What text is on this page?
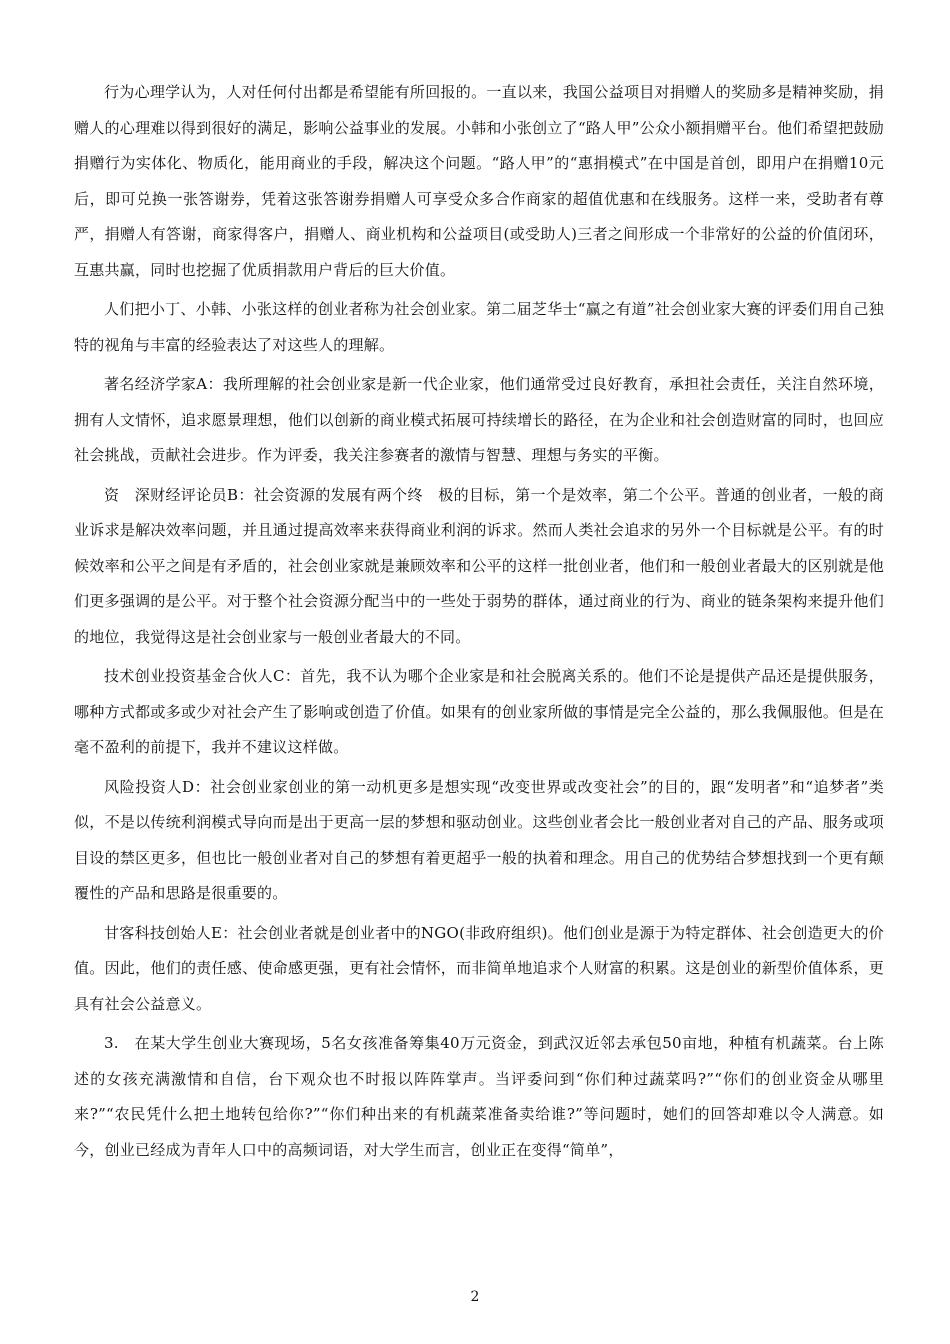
行为心理学认为，人对任何付出都是希望能有所回报的。一直以来，我国公益项目对捐赠人的奖励多是精神奖励，捐赠人的心理难以得到很好的满足，影响公益事业的发展。小韩和小张创立了“路人甲”公众小额捐赠平台。他们希望把鼓励捐赠行为实体化、物质化，能用商业的手段，解决这个问题。“路人甲”的“惠捐模式”在中国是首创，即用户在捐赠10元后，即可兑换一张答谢券，凭着这张答谢券捐赠人可享受众多合作商家的超值优惠和在线服务。这样一来，受助者有尊严，捐赠人有答谢，商家得客户，捐赠人、商业机构和公益项目(或受助人)三者之间形成一个非常好的公益的价值闭环，互惠共赢，同时也挖掘了优质捐款用户背后的巨大价值。

人们把小丁、小韩、小张这样的创业者称为社会创业家。第二届芝华士“赢之有道”社会创业家大赛的评委们用自己独特的视角与丰富的经验表达了对这些人的理解。

著名经济学家A：我所理解的社会创业家是新一代企业家，他们通常受过良好教育，承担社会责任，关注自然环境，拥有人文情怀，追求愿景理想，他们以创新的商业模式拓展可持续增长的路径，在为企业和社会创造财富的同时，也回应社会挑战，贡献社会进步。作为评委，我关注参赛者的激情与智慧、理想与务实的平衡。

资　深财经评论员B：社会资源的发展有两个终　极的目标，第一个是效率，第二个公平。普通的创业者，一般的商业诉求是解决效率问题，并且通过提高效率来获得商业利润的诉求。然而人类社会追求的另外一个目标就是公平。有的时候效率和公平之间是有矛盾的，社会创业家就是兼顾效率和公平的这样一批创业者，他们和一般创业者最大的区别就是他们更多强调的是公平。对于整个社会资源分配当中的一些处于弱势的群体，通过商业的行为、商业的链条架构来提升他们的地位，我觉得这是社会创业家与一般创业者最大的不同。

技术创业投资基金合伙人C：首先，我不认为哪个企业家是和社会脱离关系的。他们不论是提供产品还是提供服务，哪种方式都或多或少对社会产生了影响或创造了价值。如果有的创业家所做的事情是完全公益的，那么我佩服他。但是在毫不盈利的前提下，我并不建议这样做。

风险投资人D：社会创业家创业的第一动机更多是想实现“改变世界或改变社会”的目的，跟“发明者”和“追梦者”类似，不是以传统利润模式导向而是出于更高一层的梦想和驱动创业。这些创业者会比一般创业者对自己的产品、服务或项目设的禁区更多，但也比一般创业者对自己的梦想有着更超乎一般的执着和理念。用自己的优势结合梦想找到一个更有颠覆性的产品和思路是很重要的。

甘客科技创始人E：社会创业者就是创业者中的NGO(非政府组织)。他们创业是源于为特定群体、社会创造更大的价值。因此，他们的责任感、使命感更强，更有社会情怀，而非简单地追求个人财富的积累。这是创业的新型价值体系，更具有社会公益意义。

3.　在某大学生创业大赛现场，5名女孩准备筹集40万元资金，到武汉近邻去承包50亩地，种植有机蔬菜。台上陈述的女孩充满激情和自信，台下观众也不时报以阵阵掌声。当评委问到“你们种过蔬菜吗?”“你们的创业资金从哪里来?”“农民凭什么把土地转包给你?”“你们种出来的有机蔬菜准备卖给谁?”等问题时，她们的回答却难以令人满意。如今，创业已经成为青年人口中的高频词语，对大学生而言，创业正在变得“简单”，

2
